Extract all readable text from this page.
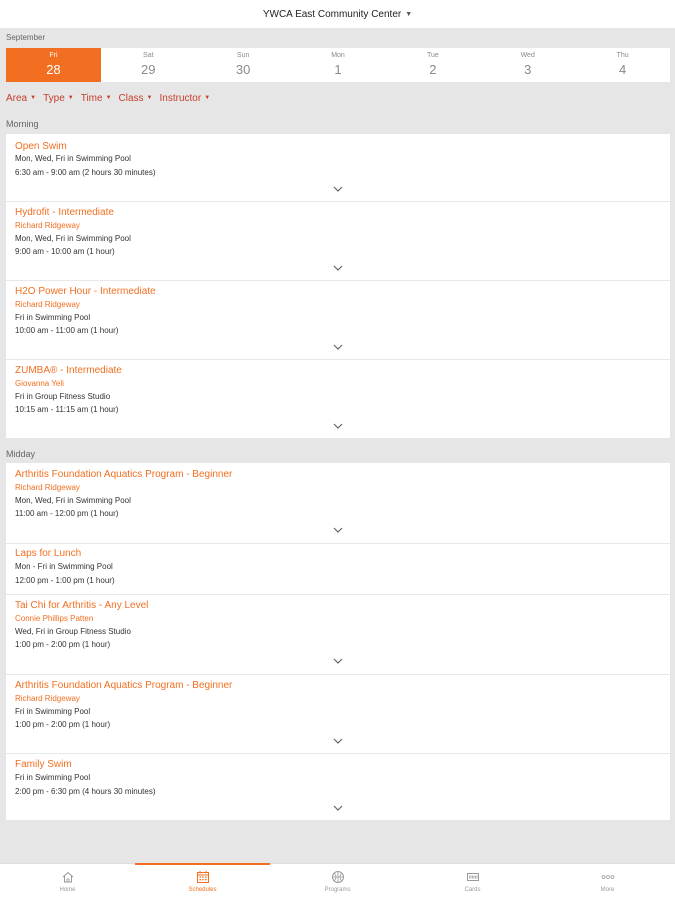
YWCA East Community Center ▼
September
Fri
28
Sat
29
Sun
30
Mon
1
Tue
2
Wed
3
Thu
4
Area ▼ Type ▼ Time ▼ Class ▼ Instructor ▼
Morning
Open Swim
Mon, Wed, Fri in Swimming Pool
6:30 am - 9:00 am (2 hours 30 minutes)
Hydrofit - Intermediate
Richard Ridgeway
Mon, Wed, Fri in Swimming Pool
9:00 am - 10:00 am (1 hour)
H2O Power Hour - Intermediate
Richard Ridgeway
Fri in Swimming Pool
10:00 am - 11:00 am (1 hour)
ZUMBA® - Intermediate
Giovanna Yeli
Fri in Group Fitness Studio
10:15 am - 11:15 am (1 hour)
Midday
Arthritis Foundation Aquatics Program - Beginner
Richard Ridgeway
Mon, Wed, Fri in Swimming Pool
11:00 am - 12:00 pm (1 hour)
Laps for Lunch
Mon - Fri in Swimming Pool
12:00 pm - 1:00 pm (1 hour)
Tai Chi for Arthritis - Any Level
Connie Phillips Patten
Wed, Fri in Group Fitness Studio
1:00 pm - 2:00 pm (1 hour)
Arthritis Foundation Aquatics Program - Beginner
Richard Ridgeway
Fri in Swimming Pool
1:00 pm - 2:00 pm (1 hour)
Family Swim
Fri in Swimming Pool
2:00 pm - 6:30 pm (4 hours 30 minutes)
Home	Schedules	Programs	Cards	More
